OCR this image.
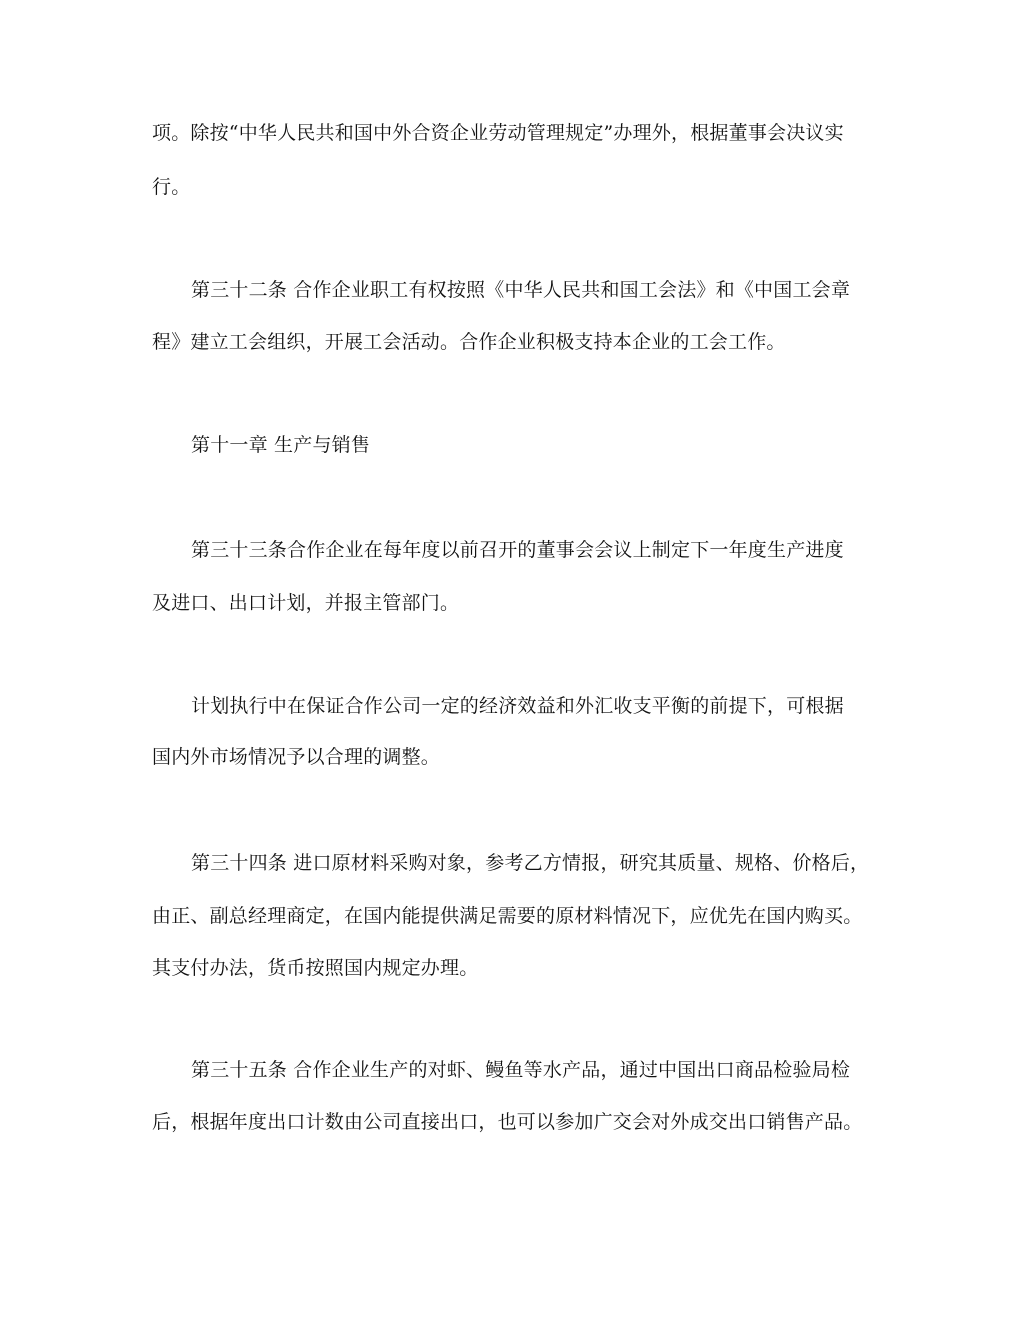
项。除按“中华人民共和国中外合资企业劳动管理规定”办理外，根据董事会决议实
行。
第三十二条 合作企业职工有权按照《中华人民共和国工会法》和《中国工会章
程》建立工会组织，开展工会活动。合作企业积极支持本企业的工会工作。
第十一章 生产与销售
第三十三条合作企业在每年度以前召开的董事会会议上制定下一年度生产进度
及进口、出口计划，并报主管部门。
计划执行中在保证合作公司一定的经济效益和外汇收支平衡的前提下，可根据
国内外市场情况予以合理的调整。
第三十四条 进口原材料采购对象，参考乙方情报，研究其质量、规格、价格后，
由正、副总经理商定，在国内能提供满足需要的原材料情况下，应优先在国内购买。
其支付办法，货币按照国内规定办理。
第三十五条 合作企业生产的对虾、鳗鱼等水产品，通过中国出口商品检验局检
后，根据年度出口计数由公司直接出口，也可以参加广交会对外成交出口销售产品。
